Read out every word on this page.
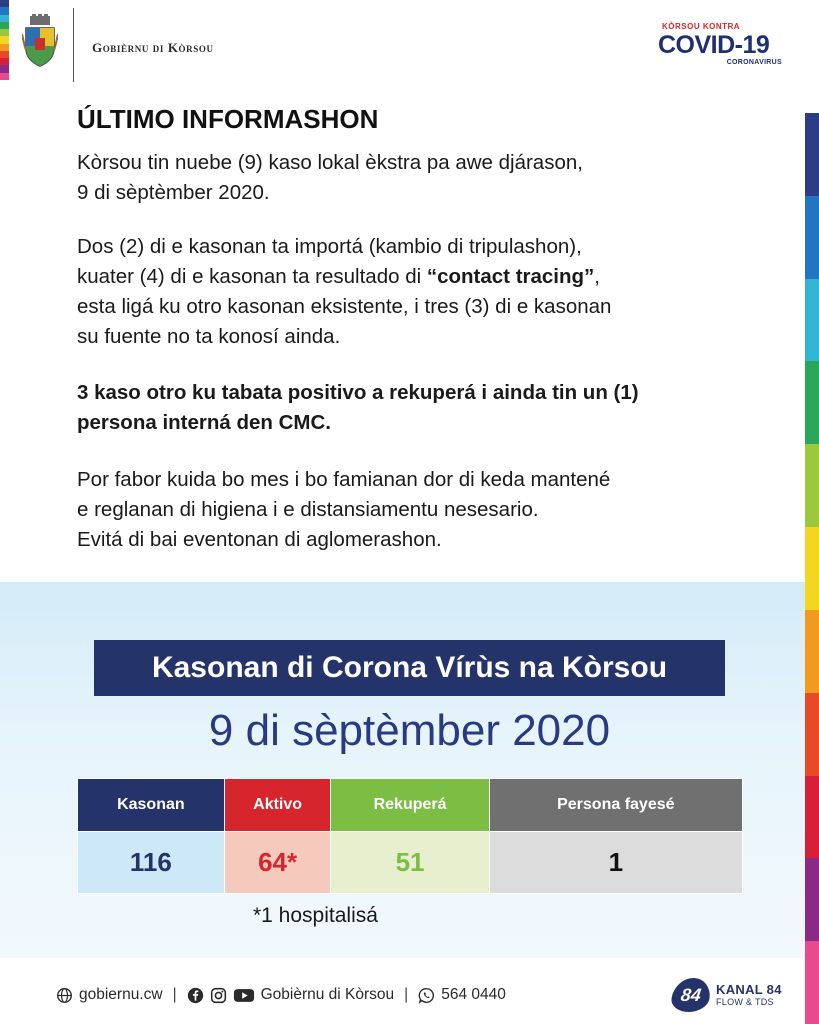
Gobièrnu di Kòrsou
KÒRSOU KONTRA
COVID-19
CORONAVIRUS
ÚLTIMO INFORMASHON
Kòrsou tin nuebe (9) kaso lokal èkstra pa awe djárason,
9 di sèptèmber 2020.
Dos (2) di e kasonan ta importá (kambio di tripulashon),
kuater (4) di e kasonan ta resultado di “contact tracing”,
esta ligá ku otro kasonan eksistente, i tres (3) di e kasonan
su fuente no ta konosí ainda.
3 kaso otro ku tabata positivo a rekuperá i ainda tin un (1)
persona interná den CMC.
Por fabor kuida bo mes i bo famianan dor di keda mantené
e reglanan di higiena i e distansiamentu nesesario.
Evitá di bai eventonan di aglomerashon.
Kasonan di Corona Vírùs na Kòrsou
9 di sèptèmber 2020
Kasonan	Aktivo	Rekuperá	Persona fayesé
116	64*	51	1
*1 hospitalisá
gobiernu.cw |	Gobièrnu di Kòrsou | 564 0440	84	KANAL 84
FLOW & TDS
